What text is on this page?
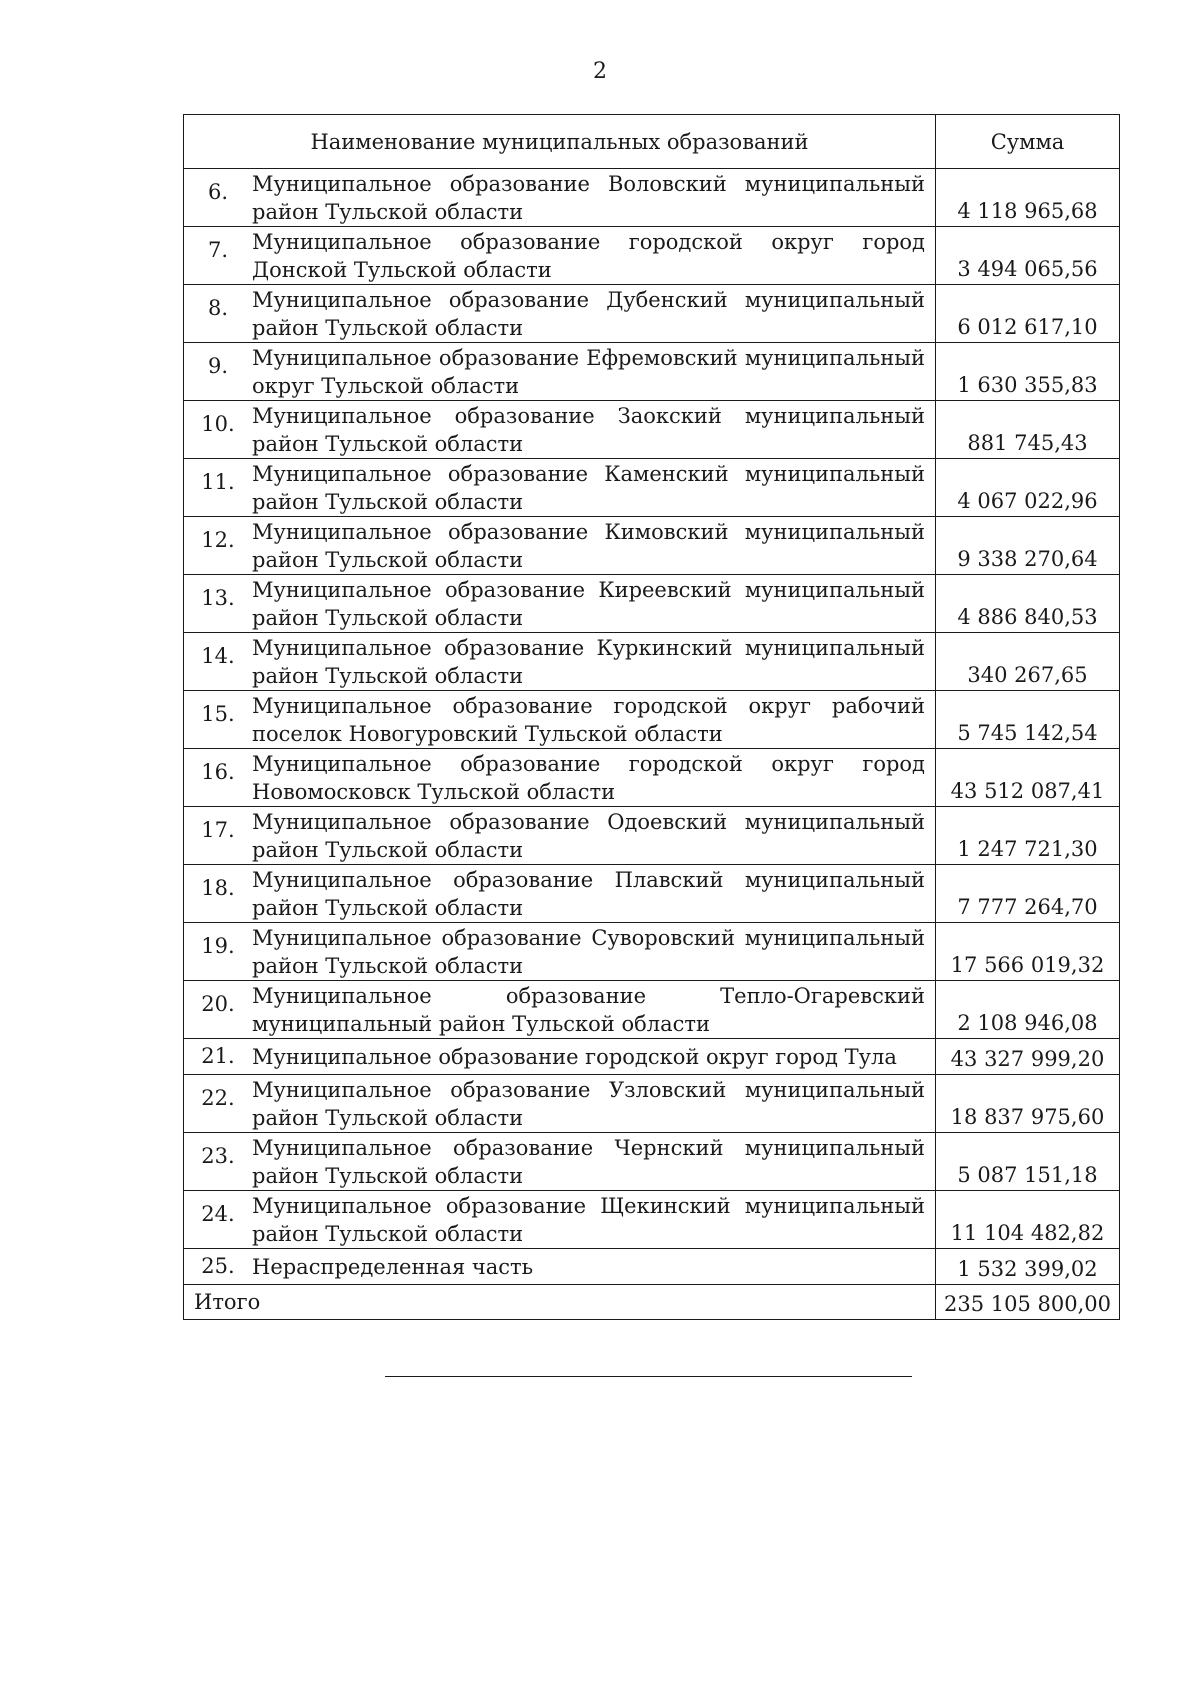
2
Наименование муниципальных образований	Сумма

6. Муниципальное образование Воловский муниципальный район Тульской области	4 118 965,68

7. Муниципальное образование городской округ город Донской Тульской области	3 494 065,56

8. Муниципальное образование Дубенский муниципальный район Тульской области	6 012 617,10

9. Муниципальное образование Ефремовский муниципальный округ Тульской области	1 630 355,83

10. Муниципальное образование Заокский муниципальный район Тульской области	881 745,43

11. Муниципальное образование Каменский муниципальный район Тульской области	4 067 022,96

12. Муниципальное образование Кимовский муниципальный район Тульской области	9 338 270,64

13. Муниципальное образование Киреевский муниципальный район Тульской области	4 886 840,53

14. Муниципальное образование Куркинский муниципальный район Тульской области	340 267,65

15. Муниципальное образование городской округ рабочий поселок Новогуровский Тульской области	5 745 142,54

16. Муниципальное образование городской округ город Новомосковск Тульской области	43 512 087,41

17. Муниципальное образование Одоевский муниципальный район Тульской области	1 247 721,30

18. Муниципальное образование Плавский муниципальный район Тульской области	7 777 264,70

19. Муниципальное образование Суворовский муниципальный район Тульской области	17 566 019,32

20. Муниципальное образование Тепло-Огаревский муниципальный район Тульской области	2 108 946,08

21. Муниципальное образование городской округ город Тула	43 327 999,20

22. Муниципальное образование Узловский муниципальный район Тульской области	18 837 975,60

23. Муниципальное образование Чернский муниципальный район Тульской области	5 087 151,18

24. Муниципальное образование Щекинский муниципальный район Тульской области	11 104 482,82

25. Нераспределенная часть	1 532 399,02
Итого	235 105 800,00
